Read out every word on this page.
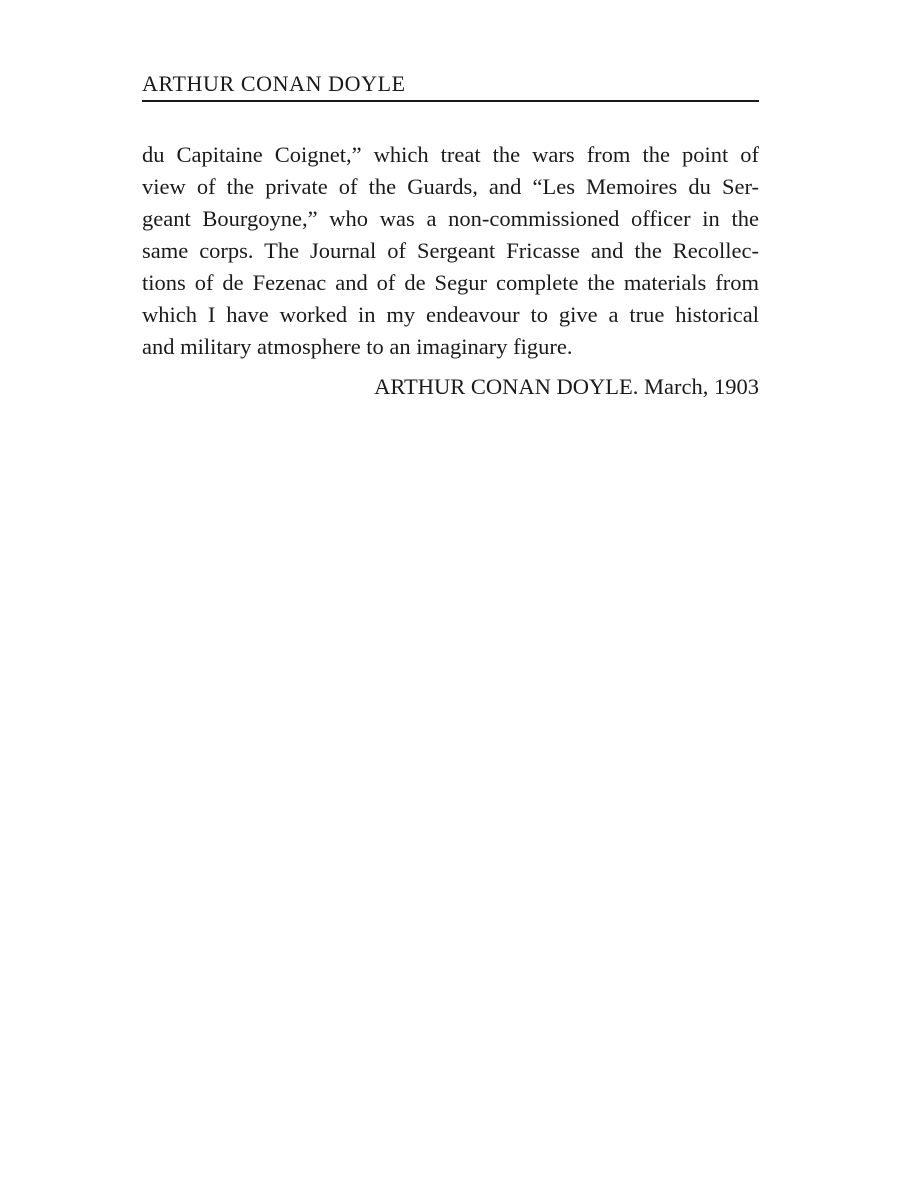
ARTHUR CONAN DOYLE
du Capitaine Coignet,” which treat the wars from the point of
view of the private of the Guards, and “Les Memoires du Ser-
geant Bourgoyne,” who was a non-commissioned officer in the
same corps. The Journal of Sergeant Fricasse and the Recollec-
tions of de Fezenac and of de Segur complete the materials from
which I have worked in my endeavour to give a true historical
and military atmosphere to an imaginary figure.
ARTHUR CONAN DOYLE. March, 1903
